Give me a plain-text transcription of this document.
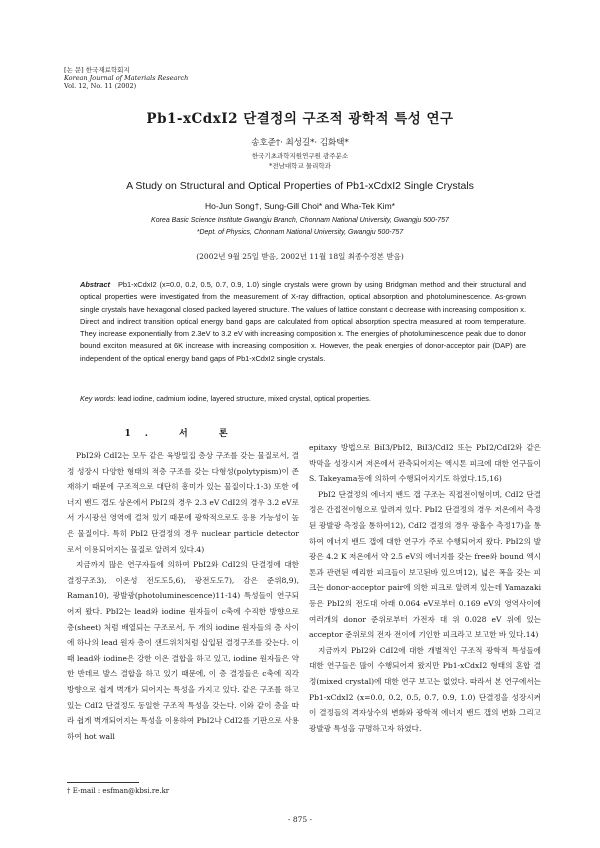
[논 문] 한국재료학회지
Korean Journal of Materials Research
Vol. 12, No. 11 (2002)
Pb1-xCdxI2 단결정의 구조적 광학적 특성 연구
송호준†· 최성길*· 김화택*
한국기초과학지원연구원 광주분소
*전남대학교 물리학과
A Study on Structural and Optical Properties of Pb1-xCdxI2 Single Crystals
Ho-Jun Song†, Sung-Gill Choi* and Wha-Tek Kim*
Korea Basic Science Institute Gwangju Branch, Chonnam National University, Gwangju 500-757
*Dept. of Physics, Chonnam National University, Gwangju 500-757
(2002년 9월 25일 받음, 2002년 11월 18일 최종수정본 받음)
Abstract Pb1-xCdxI2 (x=0.0, 0.2, 0.5, 0.7, 0.9, 1.0) single crystals were grown by using Bridgman method and their structural and optical properties were investigated from the measurement of X-ray diffraction, optical absorption and photoluminescence. As-grown single crystals have hexagonal closed packed layered structure. The values of lattice constant c decrease with increasing composition x. Direct and indirect transition optical energy band gaps are calculated from optical absorption spectra measured at room temperature. They increase exponentially from 2.3eV to 3.2 eV with increasing composition x. The energies of photoluminescence peak due to donor bound exciton measured at 6K increase with increasing composition x. However, the peak energies of donor-acceptor pair (DAP) are independent of the optical energy band gaps of Pb1-xCdxI2 single crystals.
Key words: lead iodine, cadmium iodine, layered structure, mixed crystal, optical properties.
1. 서 론

PbI2와 CdI2는 모두 같은 육방밀집 층상 구조를 갖는 물질로서, 결정 성장시 다양한 형태의 적층 구조를 갖는 다형성(polytypism)이 존재하기 때문에 구조적으로 대단히 흥미가 있는 물질이다.1-3) 또한 에너지 밴드 갭도 상온에서 PbI2의 경우 2.3 eV CdI2의 경우 3.2 eV로서 가시광선 영역에 걸쳐 있기 때문에 광학적으로도 응용 가능성이 높은 물질이다. 특히 PbI2 단결정의 경우 nuclear particle detector로서 이용되어지는 물질로 알려져 있다.4)

지금까지 많은 연구자들에 의하여 PbI2와 CdI2의 단결정에 대한 결정구조3), 이온성 전도도5,6), 광전도도7), 감은 준위8,9), Raman10), 광발광(photoluminescence)11-14) 특성들이 연구되어져 왔다. PbI2는 lead와 iodine 원자들이 c축에 수직한 방향으로 층(sheet) 처럼 배열되는 구조로서, 두 개의 iodine 원자들의 층 사이에 하나의 lead 원자 층이 샌드위치처럼 삽입된 결정구조를 갖는다. 이 때 lead와 iodine은 강한 이온 결합을 하고 있고, iodine 원자들은 약한 반데르 발스 결합을 하고 있기 때문에, 이 층 결정들은 c축에 직각 방향으로 쉽게 벽개가 되어지는 특성을 가지고 있다. 같은 구조를 하고 있는 CdI2 단결정도 동일한 구조적 특성을 갖는다. 이와 같이 층을 따라 쉽게 벽개되어지는 특성을 이용하여 PbI2나 CdI2를 기판으로 사용하여 hot wall

epitaxy 방법으로 BiI3/PbI2, BiI3/CdI2 또는 PbI2/CdI2와 같은 박막을 성장시켜 저온에서 관측되어지는 엑시톤 피크에 대한 연구들이 S. Takeyama등에 의하여 수행되어지기도 하였다.15,16)

PbI2 단결정의 에너지 밴드 갭 구조는 직접전이형이며, CdI2 단결정은 간접전이형으로 알려져 있다. PbI2 단결정의 경우 저온에서 측정된 광발광 측정을 통하여12), CdI2 결정의 경우 광흡수 측정17)을 통하여 에너지 밴드 갭에 대한 연구가 주로 수행되어져 왔다. PbI2의 발광은 4.2 K 저온에서 약 2.5 eV의 에너지를 갖는 free와 bound 엑시톤과 관련된 예리한 피크들이 보고된바 있으며12), 넓은 폭을 갖는 피크는 donor-acceptor pair에 의한 피크로 알려져 있는데 Yamazaki등은 PbI2의 전도대 아래 0.064 eV로부터 0.169 eV의 영역사이에 여러개의 donor 준위로부터 가전자 대 위 0.028 eV 위에 있는 acceptor 준위로의 전자 전이에 기인한 피크라고 보고한 바 있다.14)

지금까지 PbI2와 CdI2에 대한 개별적인 구조적 광학적 특성들에 대한 연구들은 많이 수행되어져 왔지만 Pb1-xCdxI2 형태의 혼합 결정(mixed crystal)에 대한 연구 보고는 없었다. 따라서 본 연구에서는 Pb1-xCdxI2 (x=0.0, 0.2, 0.5, 0.7, 0.9, 1.0) 단결정을 성장시켜 이 결정들의 격자상수의 변화와 광학적 에너지 밴드 갭의 변화 그리고 광발광 특성을 규명하고자 하였다.

† E-mail : esfman@kbsi.re.kr
- 875 -
